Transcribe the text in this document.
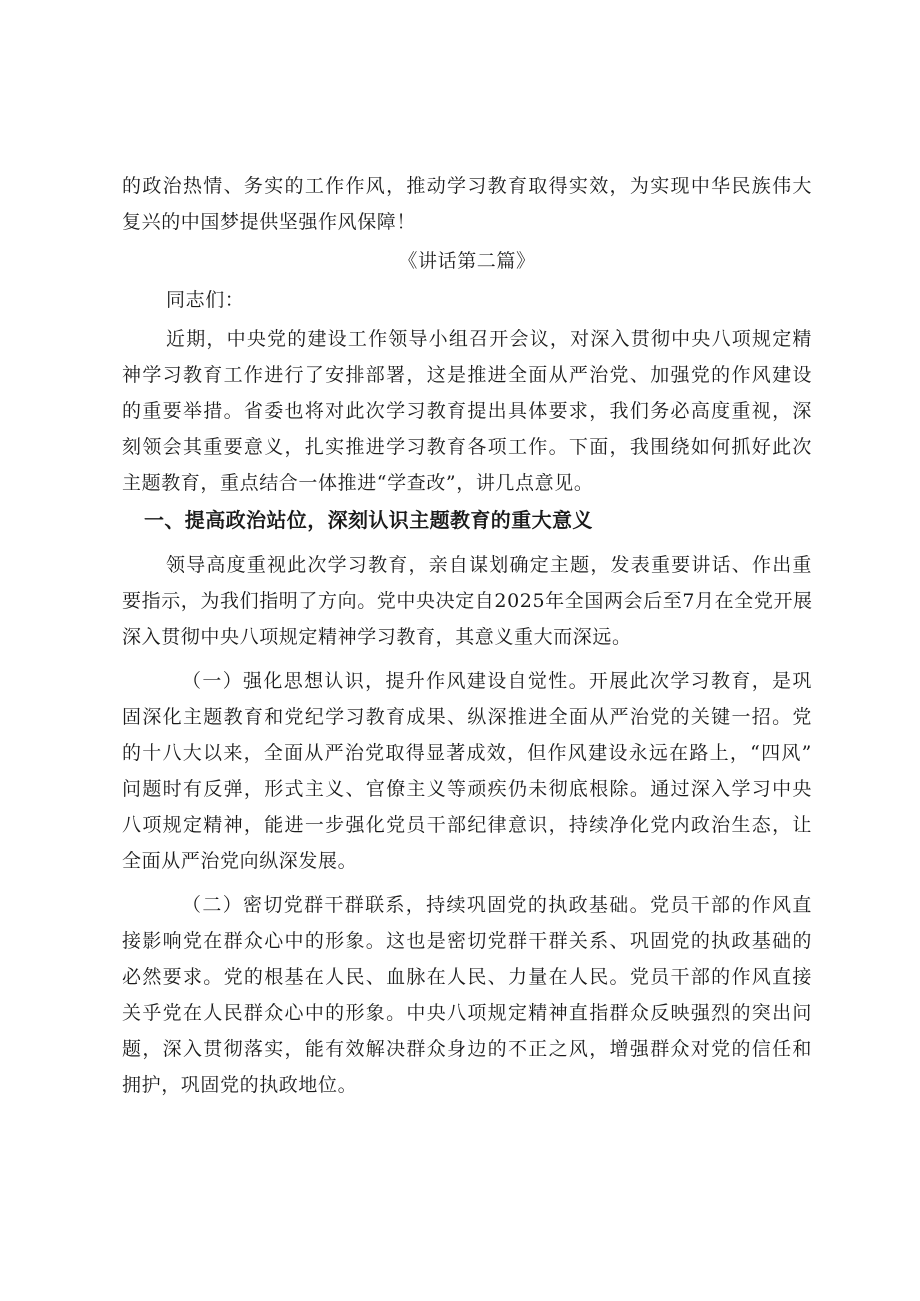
的政治热情、务实的工作作风，推动学习教育取得实效，为实现中华民族伟大
复兴的中国梦提供坚强作风保障！
《讲话第二篇》
同志们：
近期，中央党的建设工作领导小组召开会议，对深入贯彻中央八项规定精
神学习教育工作进行了安排部署，这是推进全面从严治党、加强党的作风建设
的重要举措。省委也将对此次学习教育提出具体要求，我们务必高度重视，深
刻领会其重要意义，扎实推进学习教育各项工作。下面，我围绕如何抓好此次
主题教育，重点结合一体推进“学查改”，讲几点意见。
一、提高政治站位，深刻认识主题教育的重大意义
领导高度重视此次学习教育，亲自谋划确定主题，发表重要讲话、作出重
要指示，为我们指明了方向。党中央决定自2025年全国两会后至7月在全党开展
深入贯彻中央八项规定精神学习教育，其意义重大而深远。
（一）强化思想认识，提升作风建设自觉性。开展此次学习教育，是巩
固深化主题教育和党纪学习教育成果、纵深推进全面从严治党的关键一招。党
的十八大以来，全面从严治党取得显著成效，但作风建设永远在路上，“四风”
问题时有反弹，形式主义、官僚主义等顽疾仍未彻底根除。通过深入学习中央
八项规定精神，能进一步强化党员干部纪律意识，持续净化党内政治生态，让
全面从严治党向纵深发展。
（二）密切党群干群联系，持续巩固党的执政基础。党员干部的作风直
接影响党在群众心中的形象。这也是密切党群干群关系、巩固党的执政基础的
必然要求。党的根基在人民、血脉在人民、力量在人民。党员干部的作风直接
关乎党在人民群众心中的形象。中央八项规定精神直指群众反映强烈的突出问
题，深入贯彻落实，能有效解决群众身边的不正之风，增强群众对党的信任和
拥护，巩固党的执政地位。
